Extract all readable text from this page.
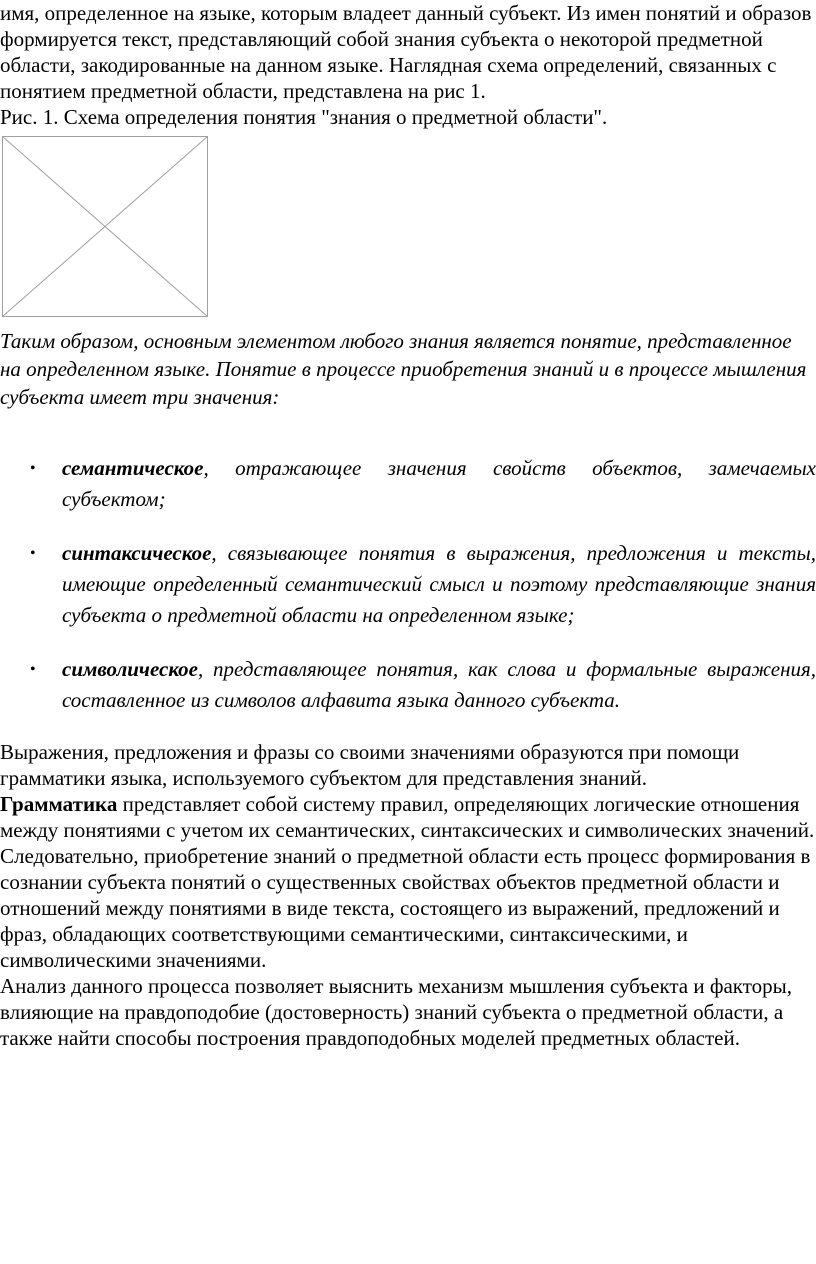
имя, определенное на языке, которым владеет данный субъект. Из имен понятий и образов формируется текст, представляющий собой знания субъекта о некоторой предметной области, закодированные на данном языке. Наглядная схема определений, связанных с понятием предметной области, представлена на рис 1.

Рис. 1. Схема определения понятия "знания о предметной области".

Таким образом, основным элементом любого знания является понятие, представленное на определенном языке. Понятие в процессе приобретения знаний и в процессе мышления субъекта имеет три значения:

• семантическое, отражающее значения свойств объектов, замечаемых субъектом;
• синтаксическое, связывающее понятия в выражения, предложения и тексты, имеющие определенный семантический смысл и поэтому представляющие знания субъекта о предметной области на определенном языке;
• символическое, представляющее понятия, как слова и формальные выражения, составленное из символов алфавита языка данного субъекта.

Выражения, предложения и фразы со своими значениями образуются при помощи грамматики языка, используемого субъектом для представления знаний.

Грамматика представляет собой систему правил, определяющих логические отношения между понятиями с учетом их семантических, синтаксических и символических значений.

Следовательно, приобретение знаний о предметной области есть процесс формирования в сознании субъекта понятий о существенных свойствах объектов предметной области и отношений между понятиями в виде текста, состоящего из выражений, предложений и фраз, обладающих соответствующими семантическими, синтаксическими, и символическими значениями.

Анализ данного процесса позволяет выяснить механизм мышления субъекта и факторы, влияющие на правдоподобие (достоверность) знаний субъекта о предметной области, а также найти способы построения правдоподобных моделей предметных областей.
